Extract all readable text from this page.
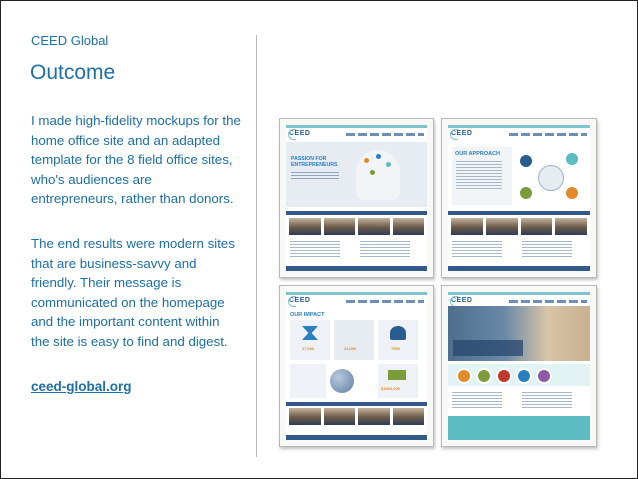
CEED Global
Outcome

I made high-fidelity mockups for the home office site and an adapted template for the 8 field office sites, who's audiences are entrepreneurs, rather than donors.

The end results were modern sites that are business-savvy and friendly. Their message is communicated on the homepage and the important content within the site is easy to find and digest.

ceed-global.org
CEED
PASSION FOR
ENTREPRENEURS
CEED
OUR APPROACH
CEED
OUR IMPACT
17,000	21,000	7500
$1000,000
CEED
